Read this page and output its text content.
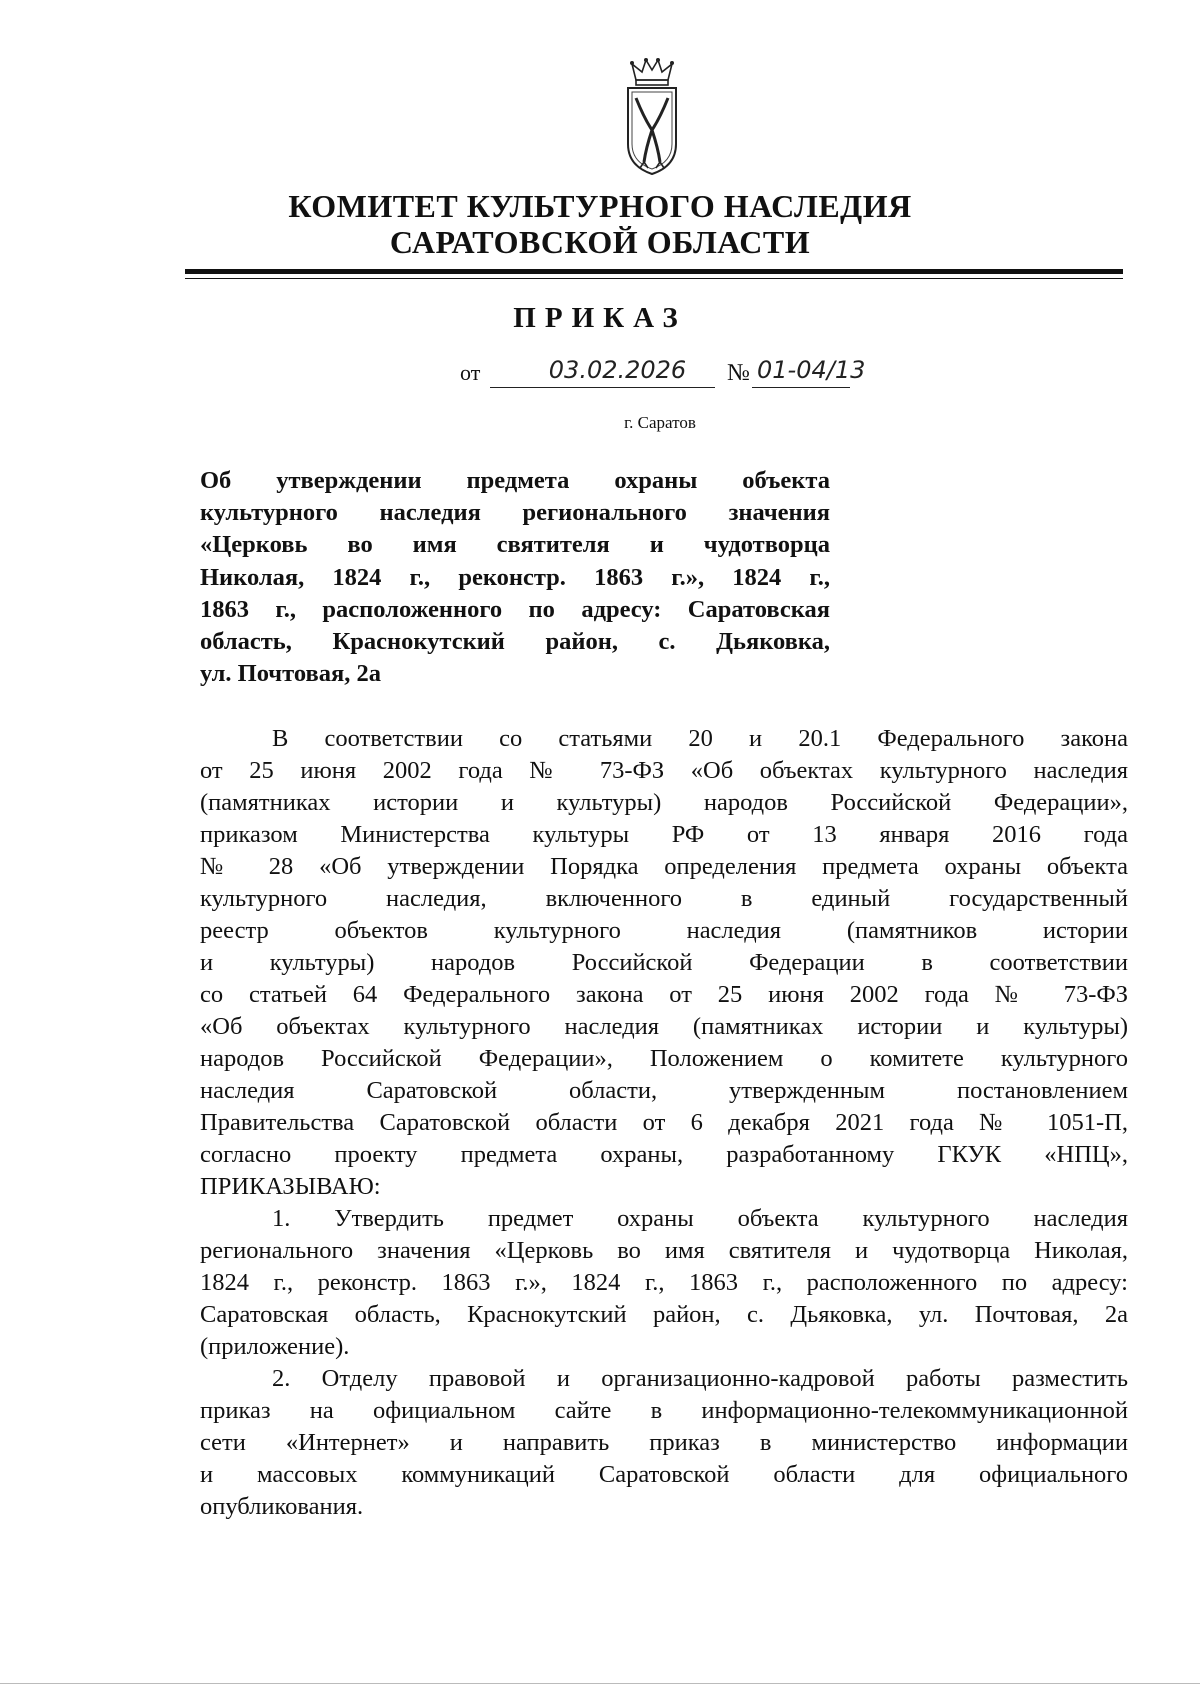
КОМИТЕТ КУЛЬТУРНОГО НАСЛЕДИЯ
САРАТОВСКОЙ ОБЛАСТИ
ПРИКАЗ
от	03.02.2026	№ 01-04/13
г. Саратов
Об утверждении предмета охраны объекта
культурного наследия регионального значения
«Церковь во имя святителя и чудотворца
Николая, 1824 г., реконстр. 1863 г.», 1824 г.,
1863 г., расположенного по адресу: Саратовская
область, Краснокутский район, с. Дьяковка,
ул. Почтовая, 2а
В соответствии со статьями 20 и 20.1 Федерального закона
от 25 июня 2002 года № 73-ФЗ «Об объектах культурного наследия
(памятниках истории и культуры) народов Российской Федерации»,
приказом Министерства культуры РФ от 13 января 2016 года
№ 28 «Об утверждении Порядка определения предмета охраны объекта
культурного наследия, включенного в единый государственный
реестр объектов культурного наследия (памятников истории
и культуры) народов Российской Федерации в соответствии
со статьей 64 Федерального закона от 25 июня 2002 года № 73-ФЗ
«Об объектах культурного наследия (памятниках истории и культуры)
народов Российской Федерации», Положением о комитете культурного
наследия Саратовской области, утвержденным постановлением
Правительства Саратовской области от 6 декабря 2021 года № 1051-П,
согласно проекту предмета охраны, разработанному ГКУК «НПЦ»,
ПРИКАЗЫВАЮ:
1. Утвердить предмет охраны объекта культурного наследия
регионального значения «Церковь во имя святителя и чудотворца Николая,
1824 г., реконстр. 1863 г.», 1824 г., 1863 г., расположенного по адресу:
Саратовская область, Краснокутский район, с. Дьяковка, ул. Почтовая, 2а
(приложение).
2. Отделу правовой и организационно-кадровой работы разместить
приказ на официальном сайте в информационно-телекоммуникационной
сети «Интернет» и направить приказ в министерство информации
и массовых коммуникаций Саратовской области для официального
опубликования.
